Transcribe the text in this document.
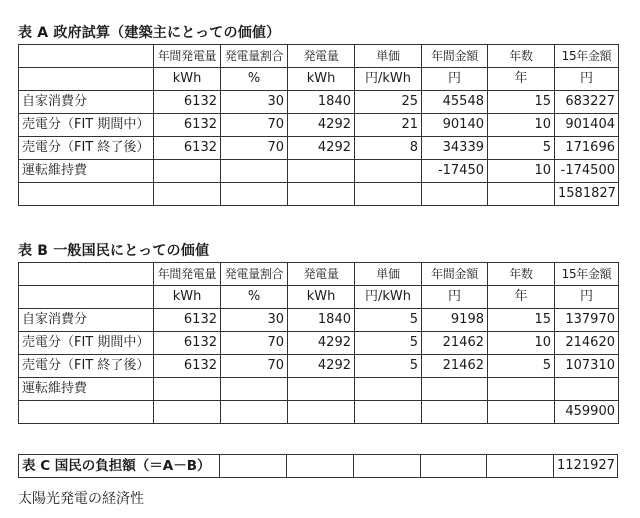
表 A 政府試算（建築主にとっての価値）
	年間発電量	発電量割合	発電量	単価	年間金額	年数	15年金額
	kWh	%	kWh	円/kWh	円	年	円
自家消費分	6132	30	1840	25	45548	15	683227
売電分（FIT 期間中）	6132	70	4292	21	90140	10	901404
売電分（FIT 終了後）	6132	70	4292	8	34339	5	171696
運転維持費					-17450	10	-174500
							1581827
表 B 一般国民にとっての価値
	年間発電量	発電量割合	発電量	単価	年間金額	年数	15年金額
	kWh	%	kWh	円/kWh	円	年	円
自家消費分	6132	30	1840	5	9198	15	137970
売電分（FIT 期間中）	6132	70	4292	5	21462	10	214620
売電分（FIT 終了後）	6132	70	4292	5	21462	5	107310
運転維持費							
							459900
表 C 国民の負担額（＝A－B）						1121927
太陽光発電の経済性
